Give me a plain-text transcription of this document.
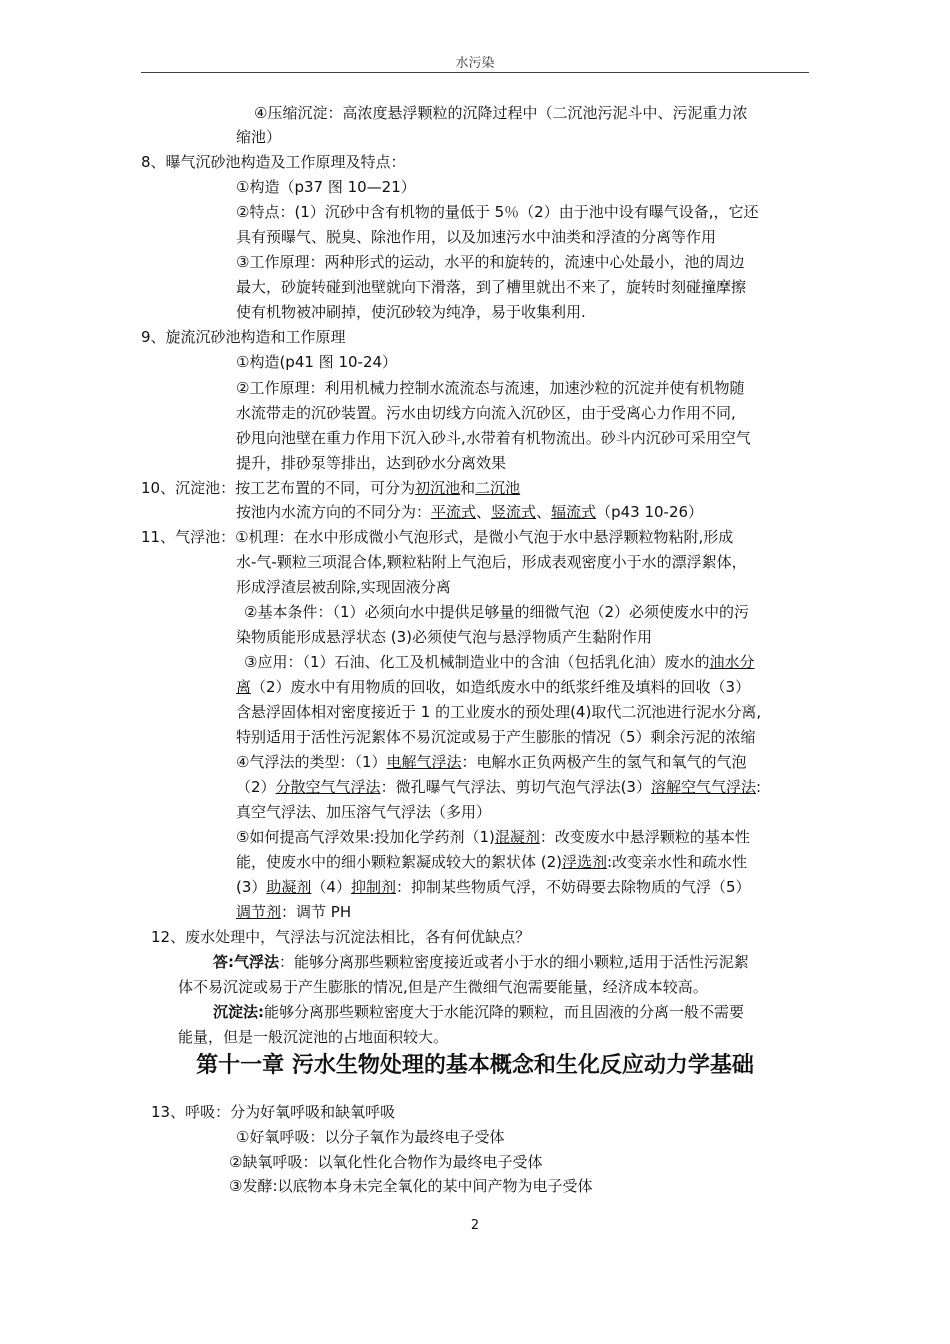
水污染
④压缩沉淀：高浓度悬浮颗粒的沉降过程中（二沉池污泥斗中、污泥重力浓
缩池）
8、曝气沉砂池构造及工作原理及特点：
①构造（p37 图 10—21）
②特点：(1）沉砂中含有机物的量低于 5％（2）由于池中设有曝气设备,，它还
具有预曝气、脱臭、除池作用，以及加速污水中油类和浮渣的分离等作用
③工作原理：两种形式的运动，水平的和旋转的，流速中心处最小，池的周边
最大，砂旋转碰到池壁就向下滑落，到了槽里就出不来了，旋转时刻碰撞摩擦
使有机物被冲刷掉，使沉砂较为纯净，易于收集利用.
9、旋流沉砂池构造和工作原理
①构造(p41 图 10-24）
②工作原理：利用机械力控制水流流态与流速，加速沙粒的沉淀并使有机物随
水流带走的沉砂装置。污水由切线方向流入沉砂区，由于受离心力作用不同,
砂甩向池壁在重力作用下沉入砂斗,水带着有机物流出。砂斗内沉砂可采用空气
提升，排砂泵等排出，达到砂水分离效果
10、沉淀池：按工艺布置的不同，可分为初沉池和二沉池
按池内水流方向的不同分为：平流式、竖流式、辐流式（p43 10-26）
11、气浮池：①机理：在水中形成微小气泡形式，是微小气泡于水中悬浮颗粒物粘附,形成
水-气-颗粒三项混合体,颗粒粘附上气泡后，形成表观密度小于水的漂浮絮体，
形成浮渣层被刮除,实现固液分离
②基本条件：（1）必须向水中提供足够量的细微气泡（2）必须使废水中的污
染物质能形成悬浮状态 (3)必须使气泡与悬浮物质产生黏附作用
③应用：（1）石油、化工及机械制造业中的含油（包括乳化油）废水的油水分
离（2）废水中有用物质的回收，如造纸废水中的纸浆纤维及填料的回收（3）
含悬浮固体相对密度接近于 1 的工业废水的预处理(4)取代二沉池进行泥水分离,
特别适用于活性污泥絮体不易沉淀或易于产生膨胀的情况（5）剩余污泥的浓缩
④气浮法的类型：（1）电解气浮法：电解水正负两极产生的氢气和氧气的气泡
（2）分散空气气浮法：微孔曝气气浮法、剪切气泡气浮法(3）溶解空气气浮法:
真空气浮法、加压溶气气浮法（多用）
⑤如何提高气浮效果:投加化学药剂（1)混凝剂：改变废水中悬浮颗粒的基本性
能，使废水中的细小颗粒絮凝成较大的絮状体 (2)浮选剂:改变亲水性和疏水性
(3）助凝剂（4）抑制剂：抑制某些物质气浮，不妨碍要去除物质的气浮（5）
调节剂：调节 PH
12、废水处理中，气浮法与沉淀法相比，各有何优缺点？
答:气浮法：能够分离那些颗粒密度接近或者小于水的细小颗粒,适用于活性污泥絮
体不易沉淀或易于产生膨胀的情况,但是产生微细气泡需要能量，经济成本较高。
沉淀法:能够分离那些颗粒密度大于水能沉降的颗粒，而且固液的分离一般不需要
能量，但是一般沉淀池的占地面积较大。
第十一章 污水生物处理的基本概念和生化反应动力学基础
13、呼吸：分为好氧呼吸和缺氧呼吸
①好氧呼吸：以分子氧作为最终电子受体
②缺氧呼吸：以氧化性化合物作为最终电子受体
③发酵:以底物本身未完全氧化的某中间产物为电子受体
2
